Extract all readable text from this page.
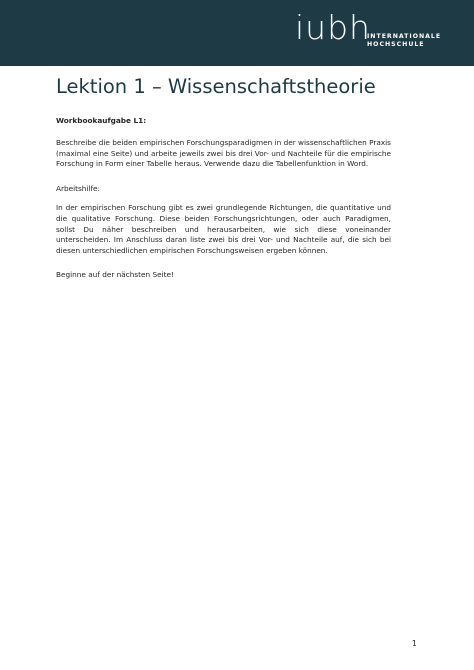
iubh
INTERNATIONALE
HOCHSCHULE
Lektion 1 – Wissenschaftstheorie

Workbookaufgabe L1:

Beschreibe die beiden empirischen Forschungsparadigmen in der wissenschaftlichen Praxis (maximal eine Seite) und arbeite jeweils zwei bis drei Vor- und Nachteile für die empirische Forschung in Form einer Tabelle heraus. Verwende dazu die Tabellenfunktion in Word.

Arbeitshilfe:

In der empirischen Forschung gibt es zwei grundlegende Richtungen, die quantitative und die qualitative Forschung. Diese beiden Forschungsrichtungen, oder auch Paradigmen, sollst Du näher beschreiben und herausarbeiten, wie sich diese voneinander unterscheiden. Im Anschluss daran liste zwei bis drei Vor- und Nachteile auf, die sich bei diesen unterschiedlichen empirischen Forschungsweisen ergeben können.

Beginne auf der nächsten Seite!

1
